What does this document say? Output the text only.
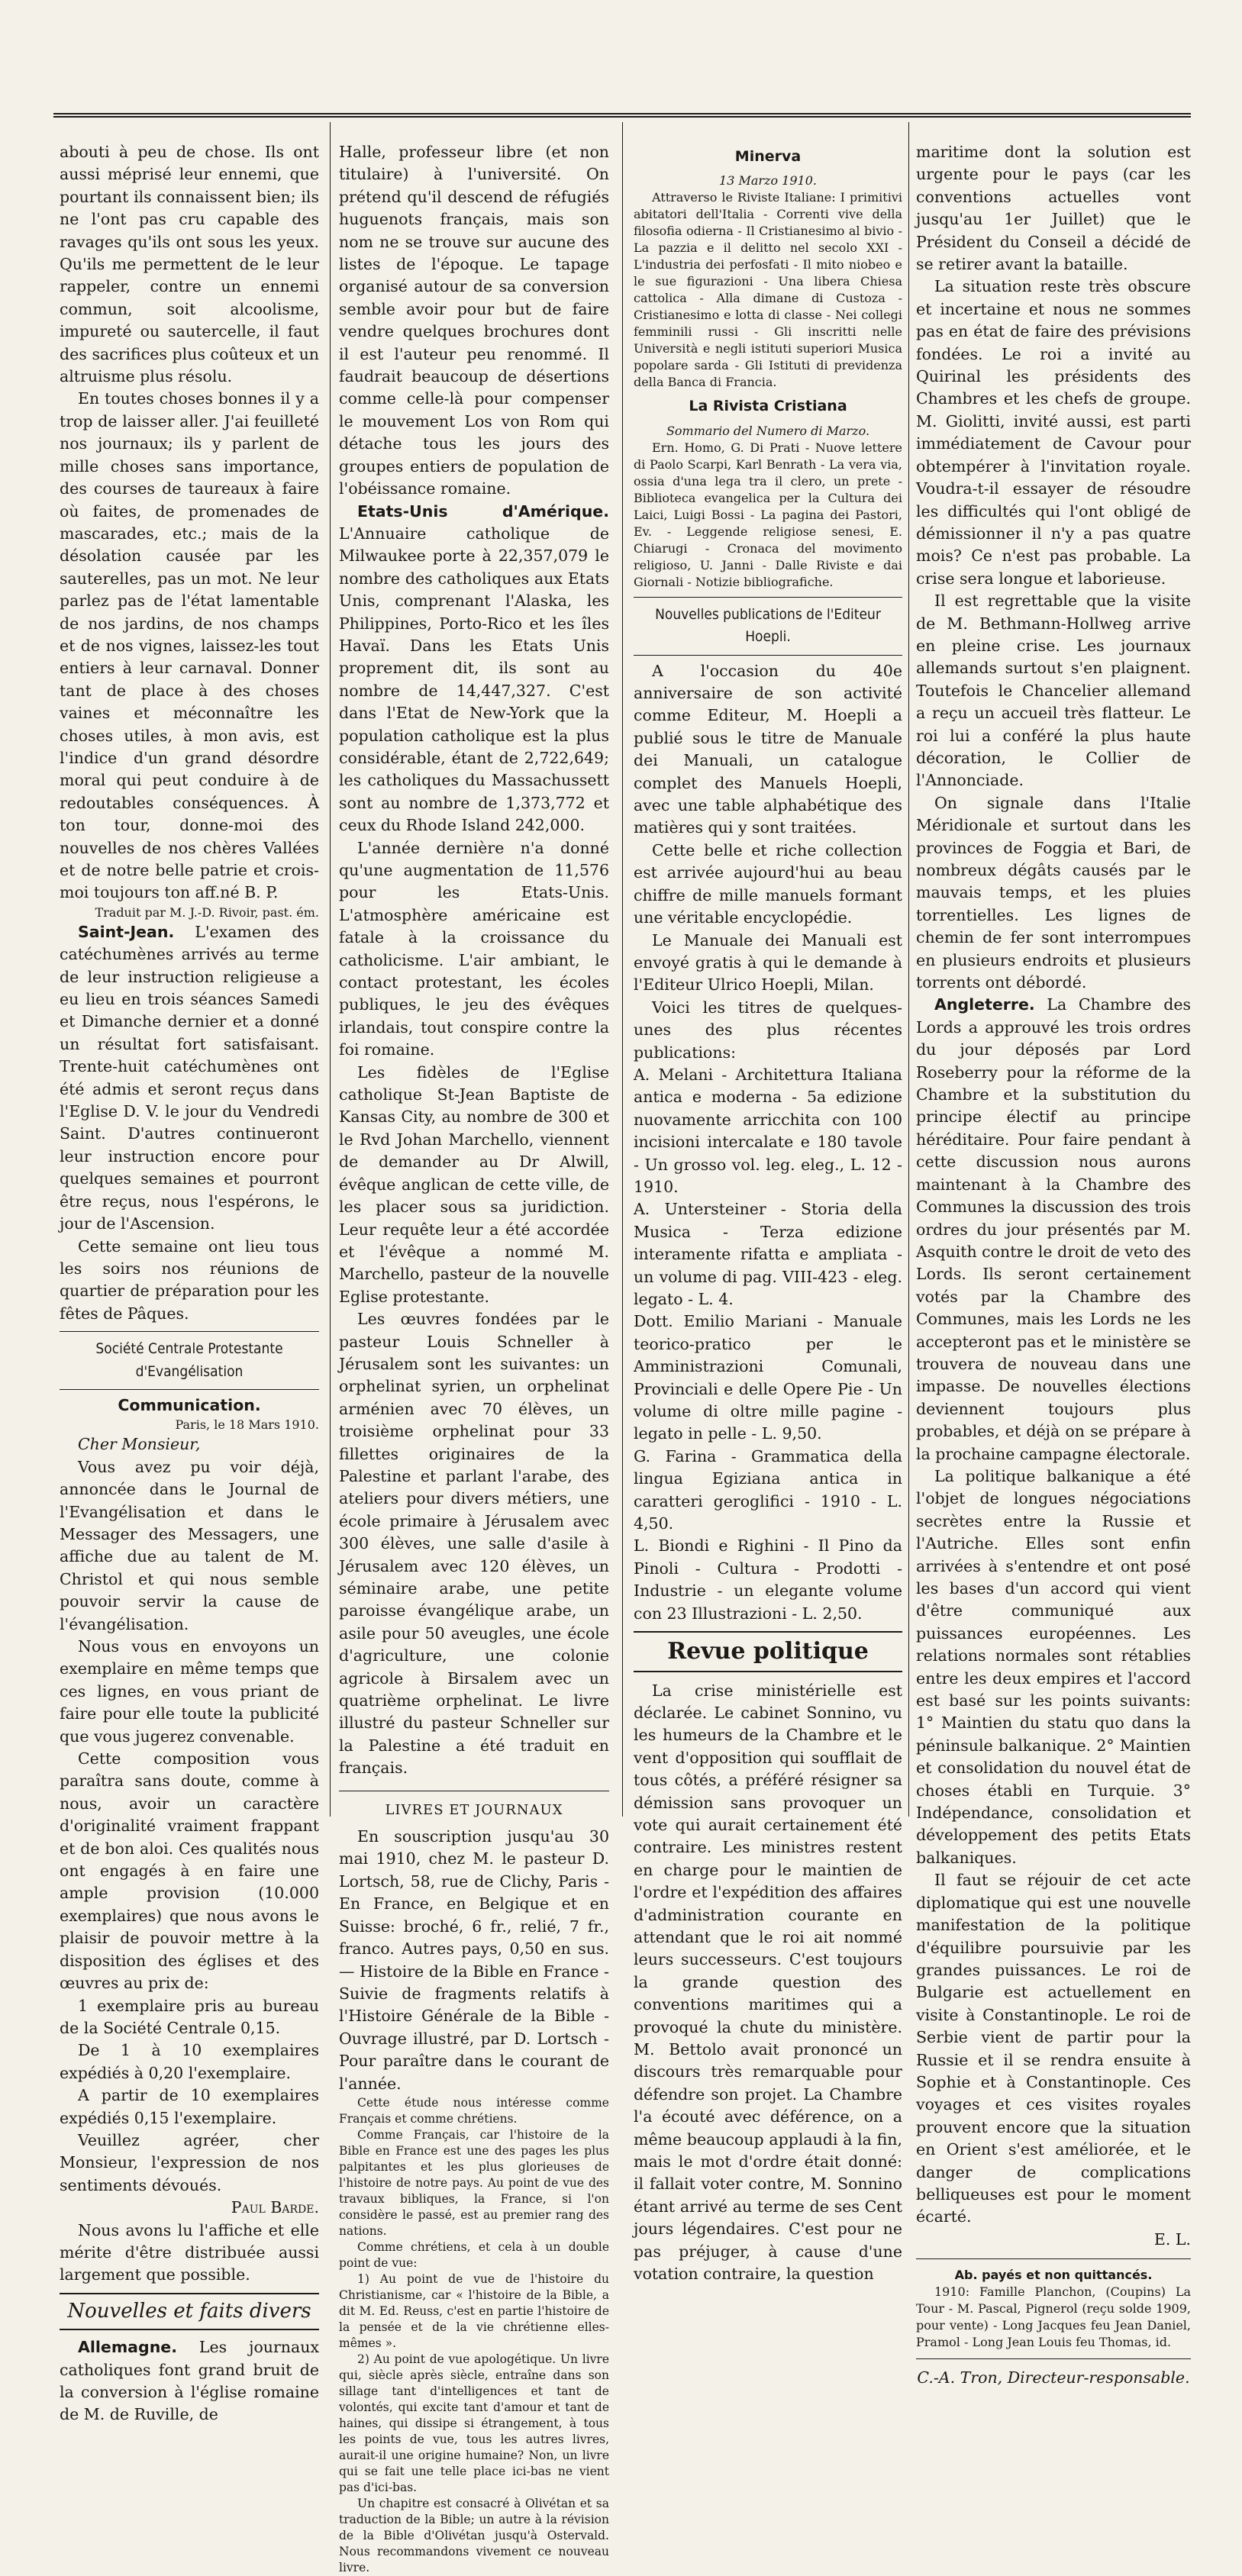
abouti à peu de chose. Ils ont aussi méprisé leur ennemi, que pourtant ils connaissent bien; ils ne l'ont pas cru capable des ravages qu'ils ont sous les yeux. Qu'ils me permettent de le leur rappeler, contre un ennemi commun, soit alcoolisme, impureté ou sautercelle, il faut des sacrifices plus coûteux et un altruisme plus résolu.

En toutes choses bonnes il y a trop de laisser aller. J'ai feuilleté nos journaux; ils y parlent de mille choses sans importance, des courses de taureaux à faire où faites, de promenades de mascarades, etc.; mais de la désolation causée par les sauterelles, pas un mot. Ne leur parlez pas de l'état lamentable de nos jardins, de nos champs et de nos vignes, laissez-les tout entiers à leur carnaval. Donner tant de place à des choses vaines et méconnaître les choses utiles, à mon avis, est l'indice d'un grand désordre moral qui peut conduire à de redoutables conséquences. À ton tour, donne-moi des nouvelles de nos chères Vallées et de notre belle patrie et crois-moi toujours ton aff.né B. P.

Traduit par M. J.-D. Rivoir, past. ém.

Saint-Jean. L'examen des catéchumènes arrivés au terme de leur instruction religieuse a eu lieu en trois séances Samedi et Dimanche dernier et a donné un résultat fort satisfaisant. Trente-huit catéchumènes ont été admis et seront reçus dans l'Eglise D. V. le jour du Vendredi Saint. D'autres continueront leur instruction encore pour quelques semaines et pourront être reçus, nous l'espérons, le jour de l'Ascension.

Cette semaine ont lieu tous les soirs nos réunions de quartier de préparation pour les fêtes de Pâques.

Société Centrale Protestante d'Evangélisation
Communication.
Paris, le 18 Mars 1910.
Cher Monsieur,

Vous avez pu voir déjà, annoncée dans le Journal de l'Evangélisation et dans le Messager des Messagers, une affiche due au talent de M. Christol et qui nous semble pouvoir servir la cause de l'évangélisation.

Nous vous en envoyons un exemplaire en même temps que ces lignes, en vous priant de faire pour elle toute la publicité que vous jugerez convenable.

Cette composition vous paraîtra sans doute, comme à nous, avoir un caractère d'originalité vraiment frappant et de bon aloi. Ces qualités nous ont engagés à en faire une ample provision (10.000 exemplaires) que nous avons le plaisir de pouvoir mettre à la disposition des églises et des œuvres au prix de:

1 exemplaire pris au bureau de la Société Centrale 0,15.

De 1 à 10 exemplaires expédiés à 0,20 l'exemplaire.

A partir de 10 exemplaires expédiés 0,15 l'exemplaire.

Veuillez agréer, cher Monsieur, l'expression de nos sentiments dévoués.

Paul Barde.

Nous avons lu l'affiche et elle mérite d'être distribuée aussi largement que possible.

Nouvelles et faits divers

Allemagne. Les journaux catholiques font grand bruit de la conversion à l'église romaine de M. de Ruville, de

Halle, professeur libre (et non titulaire) à l'université. On prétend qu'il descend de réfugiés huguenots français, mais son nom ne se trouve sur aucune des listes de l'époque. Le tapage organisé autour de sa conversion semble avoir pour but de faire vendre quelques brochures dont il est l'auteur peu renommé. Il faudrait beaucoup de désertions comme celle-là pour compenser le mouvement Los von Rom qui détache tous les jours des groupes entiers de population de l'obéissance romaine.

Etats-Unis d'Amérique. L'Annuaire catholique de Milwaukee porte à 22,357,079 le nombre des catholiques aux Etats Unis, comprenant l'Alaska, les Philippines, Porto-Rico et les îles Havaï. Dans les Etats Unis proprement dit, ils sont au nombre de 14,447,327. C'est dans l'Etat de New-York que la population catholique est la plus considérable, étant de 2,722,649; les catholiques du Massachussett sont au nombre de 1,373,772 et ceux du Rhode Island 242,000.

L'année dernière n'a donné qu'une augmentation de 11,576 pour les Etats-Unis. L'atmosphère américaine est fatale à la croissance du catholicisme. L'air ambiant, le contact protestant, les écoles publiques, le jeu des évêques irlandais, tout conspire contre la foi romaine.

Les fidèles de l'Eglise catholique St-Jean Baptiste de Kansas City, au nombre de 300 et le Rvd Johan Marchello, viennent de demander au Dr Alwill, évêque anglican de cette ville, de les placer sous sa juridiction. Leur requête leur a été accordée et l'évêque a nommé M. Marchello, pasteur de la nouvelle Eglise protestante.

Les œuvres fondées par le pasteur Louis Schneller à Jérusalem sont les suivantes: un orphelinat syrien, un orphelinat arménien avec 70 élèves, un troisième orphelinat pour 33 fillettes originaires de la Palestine et parlant l'arabe, des ateliers pour divers métiers, une école primaire à Jérusalem avec 300 élèves, une salle d'asile à Jérusalem avec 120 élèves, un séminaire arabe, une petite paroisse évangélique arabe, un asile pour 50 aveugles, une école d'agriculture, une colonie agricole à Birsalem avec un quatrième orphelinat. Le livre illustré du pasteur Schneller sur la Palestine a été traduit en français.

LIVRES ET JOURNAUX

En souscription jusqu'au 30 mai 1910, chez M. le pasteur D. Lortsch, 58, rue de Clichy, Paris - En France, en Belgique et en Suisse: broché, 6 fr., relié, 7 fr., franco. Autres pays, 0,50 en sus. — Histoire de la Bible en France - Suivie de fragments relatifs à l'Histoire Générale de la Bible - Ouvrage illustré, par D. Lortsch - Pour paraître dans le courant de l'année.

Cette étude nous intéresse comme Français et comme chrétiens.

Comme Français, car l'histoire de la Bible en France est une des pages les plus palpitantes et les plus glorieuses de l'histoire de notre pays. Au point de vue des travaux bibliques, la France, si l'on considère le passé, est au premier rang des nations.

Comme chrétiens, et cela à un double point de vue:

1) Au point de vue de l'histoire du Christianisme, car « l'histoire de la Bible, a dit M. Ed. Reuss, c'est en partie l'histoire de la pensée et de la vie chrétienne elles-mêmes ».

2) Au point de vue apologétique. Un livre qui, siècle après siècle, entraîne dans son sillage tant d'intelligences et tant de volontés, qui excite tant d'amour et tant de haines, qui dissipe si étrangement, à tous les points de vue, tous les autres livres, aurait-il une origine humaine? Non, un livre qui se fait une telle place ici-bas ne vient pas d'ici-bas.

Un chapitre est consacré à Olivétan et sa traduction de la Bible; un autre à la révision de la Bible d'Olivétan jusqu'à Ostervald. Nous recommandons vivement ce nouveau livre.

Minerva
13 Marzo 1910.

Attraverso le Riviste Italiane: I primitivi abitatori dell'Italia - Correnti vive della filosofia odierna - Il Cristianesimo al bivio - La pazzia e il delitto nel secolo XXI - L'industria dei perfosfati - Il mito niobeo e le sue figurazioni - Una libera Chiesa cattolica - Alla dimane di Custoza - Cristianesimo e lotta di classe - Nei collegi femminili russi - Gli inscritti nelle Università e negli istituti superiori Musica popolare sarda - Gli Istituti di previdenza della Banca di Francia.

La Rivista Cristiana
Sommario del Numero di Marzo.

Ern. Homo, G. Di Prati - Nuove lettere di Paolo Scarpi, Karl Benrath - La vera via, ossia d'una lega tra il clero, un prete - Biblioteca evangelica per la Cultura dei Laici, Luigi Bossi - La pagina dei Pastori, Ev. - Leggende religiose senesi, E. Chiarugi - Cronaca del movimento religioso, U. Janni - Dalle Riviste e dai Giornali - Notizie bibliografiche.

Nouvelles publications de l'Editeur Hoepli.

A l'occasion du 40e anniversaire de son activité comme Editeur, M. Hoepli a publié sous le titre de Manuale dei Manuali, un catalogue complet des Manuels Hoepli, avec une table alphabétique des matières qui y sont traitées.

Cette belle et riche collection est arrivée aujourd'hui au beau chiffre de mille manuels formant une véritable encyclopédie.

Le Manuale dei Manuali est envoyé gratis à qui le demande à l'Editeur Ulrico Hoepli, Milan.

Voici les titres de quelques-unes des plus récentes publications:

A. Melani - Architettura Italiana antica e moderna - 5a edizione nuovamente arricchita con 100 incisioni intercalate e 180 tavole - Un grosso vol. leg. eleg., L. 12 - 1910.

A. Untersteiner - Storia della Musica - Terza edizione interamente rifatta e ampliata - un volume di pag. VIII-423 - eleg. legato - L. 4.

Dott. Emilio Mariani - Manuale teorico-pratico per le Amministrazioni Comunali, Provinciali e delle Opere Pie - Un volume di oltre mille pagine - legato in pelle - L. 9,50.

G. Farina - Grammatica della lingua Egiziana antica in caratteri geroglifici - 1910 - L. 4,50.

L. Biondi e Righini - Il Pino da Pinoli - Cultura - Prodotti - Industrie - un elegante volume con 23 Illustrazioni - L. 2,50.

Revue politique

La crise ministérielle est déclarée. Le cabinet Sonnino, vu les humeurs de la Chambre et le vent d'opposition qui soufflait de tous côtés, a préféré résigner sa démission sans provoquer un vote qui aurait certainement été contraire. Les ministres restent en charge pour le maintien de l'ordre et l'expédition des affaires d'administration courante en attendant que le roi ait nommé leurs successeurs. C'est toujours la grande question des conventions maritimes qui a provoqué la chute du ministère. M. Bettolo avait prononcé un discours très remarquable pour défendre son projet. La Chambre l'a écouté avec déférence, on a même beaucoup applaudi à la fin, mais le mot d'ordre était donné: il fallait voter contre, M. Sonnino étant arrivé au terme de ses Cent jours légendaires. C'est pour ne pas préjuger, à cause d'une votation contraire, la question

maritime dont la solution est urgente pour le pays (car les conventions actuelles vont jusqu'au 1er Juillet) que le Président du Conseil a décidé de se retirer avant la bataille.

La situation reste très obscure et incertaine et nous ne sommes pas en état de faire des prévisions fondées. Le roi a invité au Quirinal les présidents des Chambres et les chefs de groupe. M. Giolitti, invité aussi, est parti immédiatement de Cavour pour obtempérer à l'invitation royale. Voudra-t-il essayer de résoudre les difficultés qui l'ont obligé de démissionner il n'y a pas quatre mois? Ce n'est pas probable. La crise sera longue et laborieuse.

Il est regrettable que la visite de M. Bethmann-Hollweg arrive en pleine crise. Les journaux allemands surtout s'en plaignent. Toutefois le Chancelier allemand a reçu un accueil très flatteur. Le roi lui a conféré la plus haute décoration, le Collier de l'Annonciade.

On signale dans l'Italie Méridionale et surtout dans les provinces de Foggia et Bari, de nombreux dégâts causés par le mauvais temps, et les pluies torrentielles. Les lignes de chemin de fer sont interrompues en plusieurs endroits et plusieurs torrents ont débordé.

Angleterre. La Chambre des Lords a approuvé les trois ordres du jour déposés par Lord Roseberry pour la réforme de la Chambre et la substitution du principe électif au principe héréditaire. Pour faire pendant à cette discussion nous aurons maintenant à la Chambre des Communes la discussion des trois ordres du jour présentés par M. Asquith contre le droit de veto des Lords. Ils seront certainement votés par la Chambre des Communes, mais les Lords ne les accepteront pas et le ministère se trouvera de nouveau dans une impasse. De nouvelles élections deviennent toujours plus probables, et déjà on se prépare à la prochaine campagne électorale.

La politique balkanique a été l'objet de longues négociations secrètes entre la Russie et l'Autriche. Elles sont enfin arrivées à s'entendre et ont posé les bases d'un accord qui vient d'être communiqué aux puissances européennes. Les relations normales sont rétablies entre les deux empires et l'accord est basé sur les points suivants: 1° Maintien du statu quo dans la péninsule balkanique. 2° Maintien et consolidation du nouvel état de choses établi en Turquie. 3° Indépendance, consolidation et développement des petits Etats balkaniques.

Il faut se réjouir de cet acte diplomatique qui est une nouvelle manifestation de la politique d'équilibre poursuivie par les grandes puissances. Le roi de Bulgarie est actuellement en visite à Constantinople. Le roi de Serbie vient de partir pour la Russie et il se rendra ensuite à Sophie et à Constantinople. Ces voyages et ces visites royales prouvent encore que la situation en Orient s'est améliorée, et le danger de complications belliqueuses est pour le moment écarté.

E. L.
Ab. payés et non quittancés.

1910: Famille Planchon, (Coupins) La Tour - M. Pascal, Pignerol (reçu solde 1909, pour vente) - Long Jacques feu Jean Daniel, Pramol - Long Jean Louis feu Thomas, id.

C.-A. Tron, Directeur-responsable.
